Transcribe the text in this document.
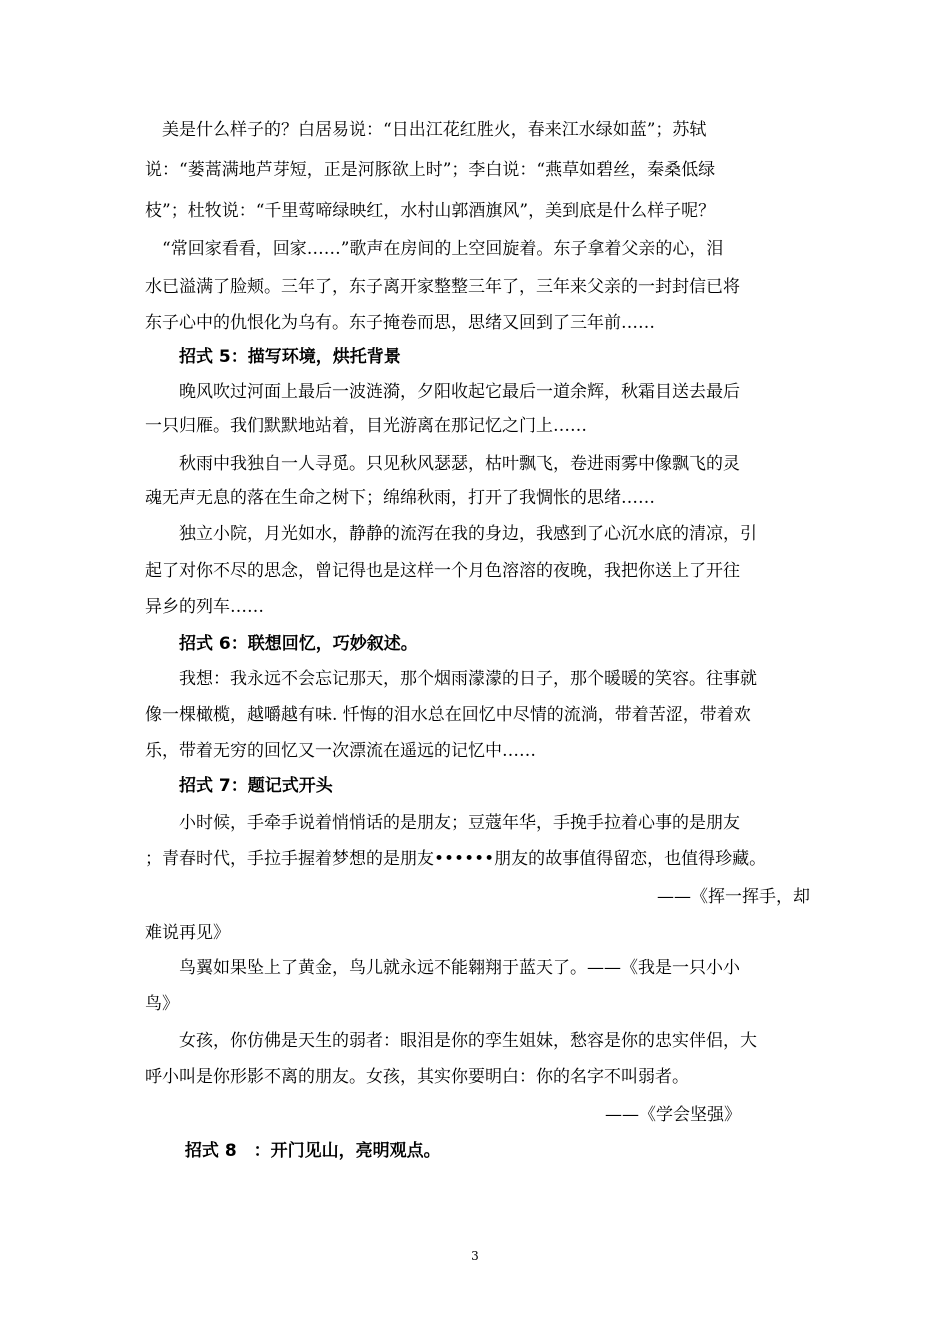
　美是什么样子的？白居易说：“日出江花红胜火，春来江水绿如蓝”；苏轼
说：“蒌蒿满地芦芽短，正是河豚欲上时”；李白说：“燕草如碧丝，秦桑低绿
枝”；杜牧说：“千里莺啼绿映红，水村山郭酒旗风”，美到底是什么样子呢？
　“常回家看看，回家……”歌声在房间的上空回旋着。东子拿着父亲的心，泪
水已溢满了脸颊。三年了，东子离开家整整三年了，三年来父亲的一封封信已将
东子心中的仇恨化为乌有。东子掩卷而思，思绪又回到了三年前……
　　招式 5：描写环境，烘托背景
　　晚风吹过河面上最后一波涟漪，夕阳收起它最后一道余辉，秋霜目送去最后
一只归雁。我们默默地站着，目光游离在那记忆之门上……
　　秋雨中我独自一人寻觅。只见秋风瑟瑟，枯叶飘飞，卷进雨雾中像飘飞的灵
魂无声无息的落在生命之树下；绵绵秋雨，打开了我惆怅的思绪……
　　独立小院，月光如水，静静的流泻在我的身边，我感到了心沉水底的清凉，引
起了对你不尽的思念，曾记得也是这样一个月色溶溶的夜晚，我把你送上了开往
异乡的列车……
　　招式 6：联想回忆，巧妙叙述。
　　我想：我永远不会忘记那天，那个烟雨濛濛的日子，那个暖暖的笑容。往事就
像一棵橄榄，越嚼越有味. 忏悔的泪水总在回忆中尽情的流淌，带着苦涩，带着欢
乐，带着无穷的回忆又一次漂流在遥远的记忆中……
　　招式 7：题记式开头
　　小时候，手牵手说着悄悄话的是朋友；豆蔻年华，手挽手拉着心事的是朋友
；青春时代，手拉手握着梦想的是朋友••••••朋友的故事值得留恋，也值得珍藏。
——《挥一挥手，却
难说再见》
　　鸟翼如果坠上了黄金，鸟儿就永远不能翱翔于蓝天了。——《我是一只小小
鸟》
　　女孩，你仿佛是天生的弱者：眼泪是你的孪生姐妹，愁容是你的忠实伴侣，大
呼小叫是你形影不离的朋友。女孩，其实你要明白：你的名字不叫弱者。
——《学会坚强》
　　 招式 8　：开门见山，亮明观点。
3
